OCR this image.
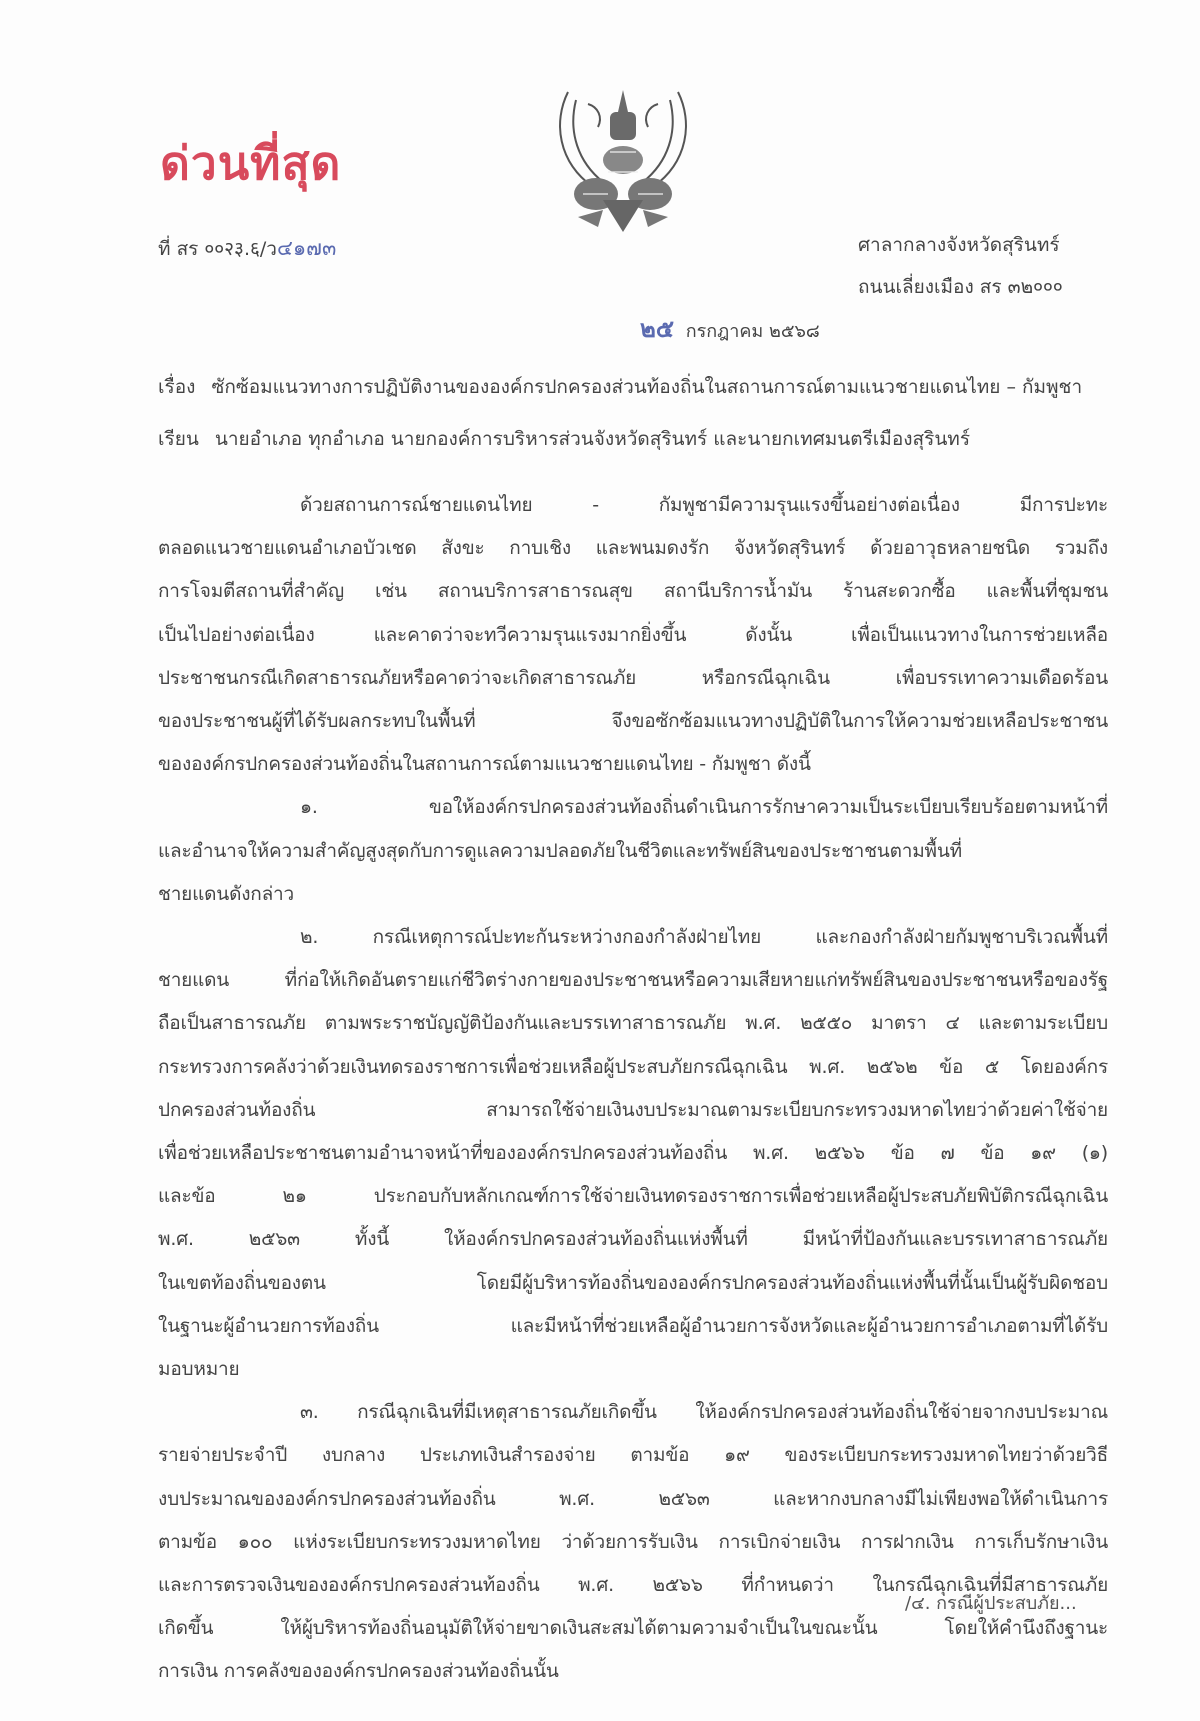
ด่วนที่สุด
ที่ สร ००२३.६/ว๔๑๗๓	ศาลากลางจังหวัดสุรินทร์
ถนนเลี่ยงเมือง สร ๓๒०००
๒๕ กรกฎาคม ๒๕๖๘
เรื่อง ซักซ้อมแนวทางการปฏิบัติงานขององค์กรปกครองส่วนท้องถิ่นในสถานการณ์ตามแนวชายแดนไทย – กัมพูชา
เรียน นายอำเภอ ทุกอำเภอ นายกองค์การบริหารส่วนจังหวัดสุรินทร์ และนายกเทศมนตรีเมืองสุรินทร์
ด้วยสถานการณ์ชายแดนไทย - กัมพูชามีความรุนแรงขึ้นอย่างต่อเนื่อง มีการปะทะ
ตลอดแนวชายแดนอำเภอบัวเชด สังขะ กาบเชิง และพนมดงรัก จังหวัดสุรินทร์ ด้วยอาวุธหลายชนิด รวมถึง
การโจมตีสถานที่สำคัญ เช่น สถานบริการสาธารณสุข สถานีบริการน้ำมัน ร้านสะดวกซื้อ และพื้นที่ชุมชน
เป็นไปอย่างต่อเนื่อง และคาดว่าจะทวีความรุนแรงมากยิ่งขึ้น ดังนั้น เพื่อเป็นแนวทางในการช่วยเหลือ
ประชาชนกรณีเกิดสาธารณภัยหรือคาดว่าจะเกิดสาธารณภัย หรือกรณีฉุกเฉิน เพื่อบรรเทาความเดือดร้อน
ของประชาชนผู้ที่ได้รับผลกระทบในพื้นที่ จึงขอซักซ้อมแนวทางปฏิบัติในการให้ความช่วยเหลือประชาชน
ขององค์กรปกครองส่วนท้องถิ่นในสถานการณ์ตามแนวชายแดนไทย - กัมพูชา ดังนี้
๑. ขอให้องค์กรปกครองส่วนท้องถิ่นดำเนินการรักษาความเป็นระเบียบเรียบร้อยตามหน้าที่
และอำนาจให้ความสำคัญสูงสุดกับการดูแลความปลอดภัยในชีวิตและทรัพย์สินของประชาชนตามพื้นที่
ชายแดนดังกล่าว
๒. กรณีเหตุการณ์ปะทะกันระหว่างกองกำลังฝ่ายไทย และกองกำลังฝ่ายกัมพูชาบริเวณพื้นที่
ชายแดน ที่ก่อให้เกิดอันตรายแก่ชีวิตร่างกายของประชาชนหรือความเสียหายแก่ทรัพย์สินของประชาชนหรือของรัฐ
ถือเป็นสาธารณภัย ตามพระราชบัญญัติป้องกันและบรรเทาสาธารณภัย พ.ศ. ๒๕๕๐ มาตรา ๔ และตามระเบียบ
กระทรวงการคลังว่าด้วยเงินทดรองราชการเพื่อช่วยเหลือผู้ประสบภัยกรณีฉุกเฉิน พ.ศ. ๒๕๖๒ ข้อ ๕ โดยองค์กร
ปกครองส่วนท้องถิ่น สามารถใช้จ่ายเงินงบประมาณตามระเบียบกระทรวงมหาดไทยว่าด้วยค่าใช้จ่าย
เพื่อช่วยเหลือประชาชนตามอำนาจหน้าที่ขององค์กรปกครองส่วนท้องถิ่น พ.ศ. ๒๕๖๖ ข้อ ๗ ข้อ ๑๙ (๑)
และข้อ ๒๑ ประกอบกับหลักเกณฑ์การใช้จ่ายเงินทดรองราชการเพื่อช่วยเหลือผู้ประสบภัยพิบัติกรณีฉุกเฉิน
พ.ศ. ๒๕๖๓ ทั้งนี้ ให้องค์กรปกครองส่วนท้องถิ่นแห่งพื้นที่ มีหน้าที่ป้องกันและบรรเทาสาธารณภัย
ในเขตท้องถิ่นของตน โดยมีผู้บริหารท้องถิ่นขององค์กรปกครองส่วนท้องถิ่นแห่งพื้นที่นั้นเป็นผู้รับผิดชอบ
ในฐานะผู้อำนวยการท้องถิ่น และมีหน้าที่ช่วยเหลือผู้อำนวยการจังหวัดและผู้อำนวยการอำเภอตามที่ได้รับ
มอบหมาย
๓. กรณีฉุกเฉินที่มีเหตุสาธารณภัยเกิดขึ้น ให้องค์กรปกครองส่วนท้องถิ่นใช้จ่ายจากงบประมาณ
รายจ่ายประจำปี งบกลาง ประเภทเงินสำรองจ่าย ตามข้อ ๑๙ ของระเบียบกระทรวงมหาดไทยว่าด้วยวิธี
งบประมาณขององค์กรปกครองส่วนท้องถิ่น พ.ศ. ๒๕๖๓ และหากงบกลางมีไม่เพียงพอให้ดำเนินการ
ตามข้อ ๑๐๐ แห่งระเบียบกระทรวงมหาดไทย ว่าด้วยการรับเงิน การเบิกจ่ายเงิน การฝากเงิน การเก็บรักษาเงิน
และการตรวจเงินขององค์กรปกครองส่วนท้องถิ่น พ.ศ. ๒๕๖๖ ที่กำหนดว่า ในกรณีฉุกเฉินที่มีสาธารณภัย
เกิดขึ้น ให้ผู้บริหารท้องถิ่นอนุมัติให้จ่ายขาดเงินสะสมได้ตามความจำเป็นในขณะนั้น โดยให้คำนึงถึงฐานะ
การเงิน การคลังขององค์กรปกครองส่วนท้องถิ่นนั้น
/๔. กรณีผู้ประสบภัย...
